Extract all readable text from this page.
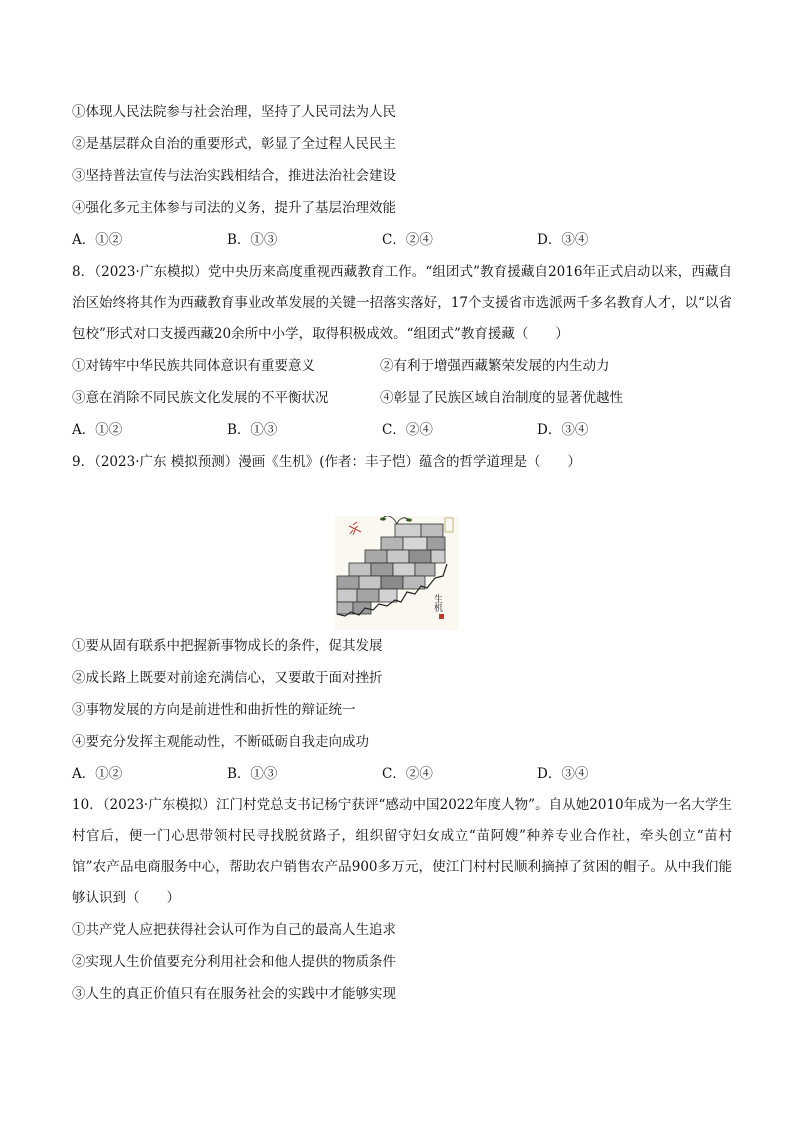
①体现人民法院参与社会治理，坚持了人民司法为人民
②是基层群众自治的重要形式，彰显了全过程人民民主
③坚持普法宣传与法治实践相结合，推进法治社会建设
④强化多元主体参与司法的义务，提升了基层治理效能
A．①②	B．①③	C．②④	D．③④
8．（2023·广东模拟）党中央历来高度重视西藏教育工作。“组团式”教育援藏自2016年正式启动以来，西藏自治区始终将其作为西藏教育事业改革发展的关键一招落实落好，17个支援省市选派两千多名教育人才，以“以省包校”形式对口支援西藏20余所中小学，取得积极成效。“组团式”教育援藏（　　）
①对铸牢中华民族共同体意识有重要意义	②有利于增强西藏繁荣发展的内生动力
③意在消除不同民族文化发展的不平衡状况	④彰显了民族区域自治制度的显著优越性
A．①②	B．①③	C．②④	D．③④
9．（2023·广东 模拟预测）漫画《生机》(作者：丰子恺）蕴含的哲学道理是（　　）
生机
①要从固有联系中把握新事物成长的条件，促其发展
②成长路上既要对前途充满信心，又要敢于面对挫折
③事物发展的方向是前进性和曲折性的辩证统一
④要充分发挥主观能动性，不断砥砺自我走向成功
A．①②	B．①③	C．②④	D．③④
10．（2023·广东模拟）江门村党总支书记杨宁获评“感动中国2022年度人物”。自从她2010年成为一名大学生村官后，便一门心思带领村民寻找脱贫路子，组织留守妇女成立“苗阿嫂”种养专业合作社，牵头创立“苗村馆”农产品电商服务中心，帮助农户销售农产品900多万元，使江门村村民顺利摘掉了贫困的帽子。从中我们能够认识到（　　）
①共产党人应把获得社会认可作为自己的最高人生追求
②实现人生价值要充分利用社会和他人提供的物质条件
③人生的真正价值只有在服务社会的实践中才能够实现
